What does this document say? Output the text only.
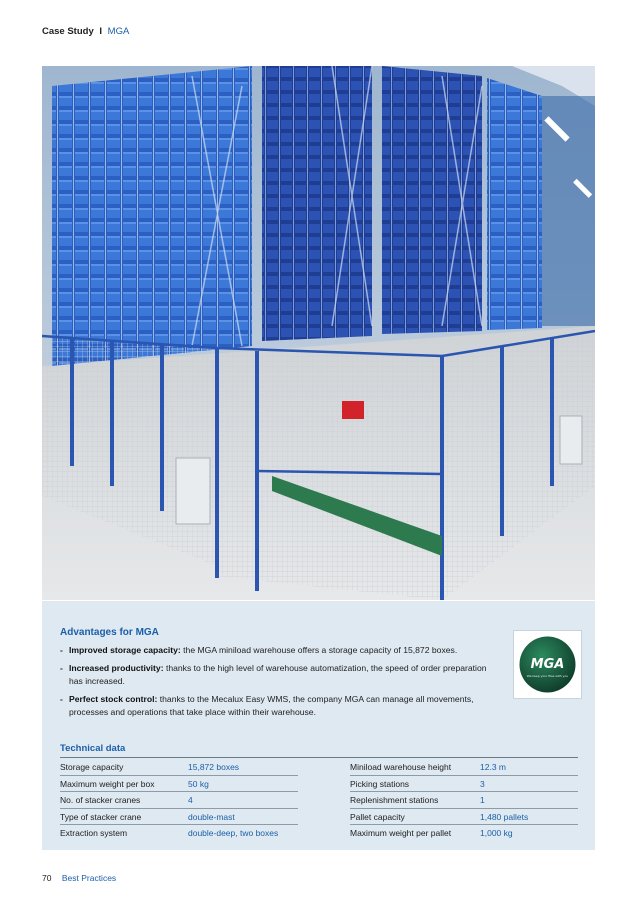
Case Study I MGA
Advantages for MGA
- Improved storage capacity: the MGA miniload warehouse offers a storage capacity of 15,872 boxes.
- Increased productivity: thanks to the high level of warehouse automatization, the speed of order preparation has increased.
- Perfect stock control: thanks to the Mecalux Easy WMS, the company MGA can manage all movements, processes and operations that take place within their warehouse.
MGA
We keep your files with you
Technical data
Storage capacity	15,872 boxes
Maximum weight per box	50 kg
No. of stacker cranes	4
Type of stacker crane	double-mast
Extraction system	double-deep, two boxes
Miniload warehouse height	12.3 m
Picking stations	3
Replenishment stations	1
Pallet capacity	1,480 pallets
Maximum weight per pallet	1,000 kg
70 Best Practices
